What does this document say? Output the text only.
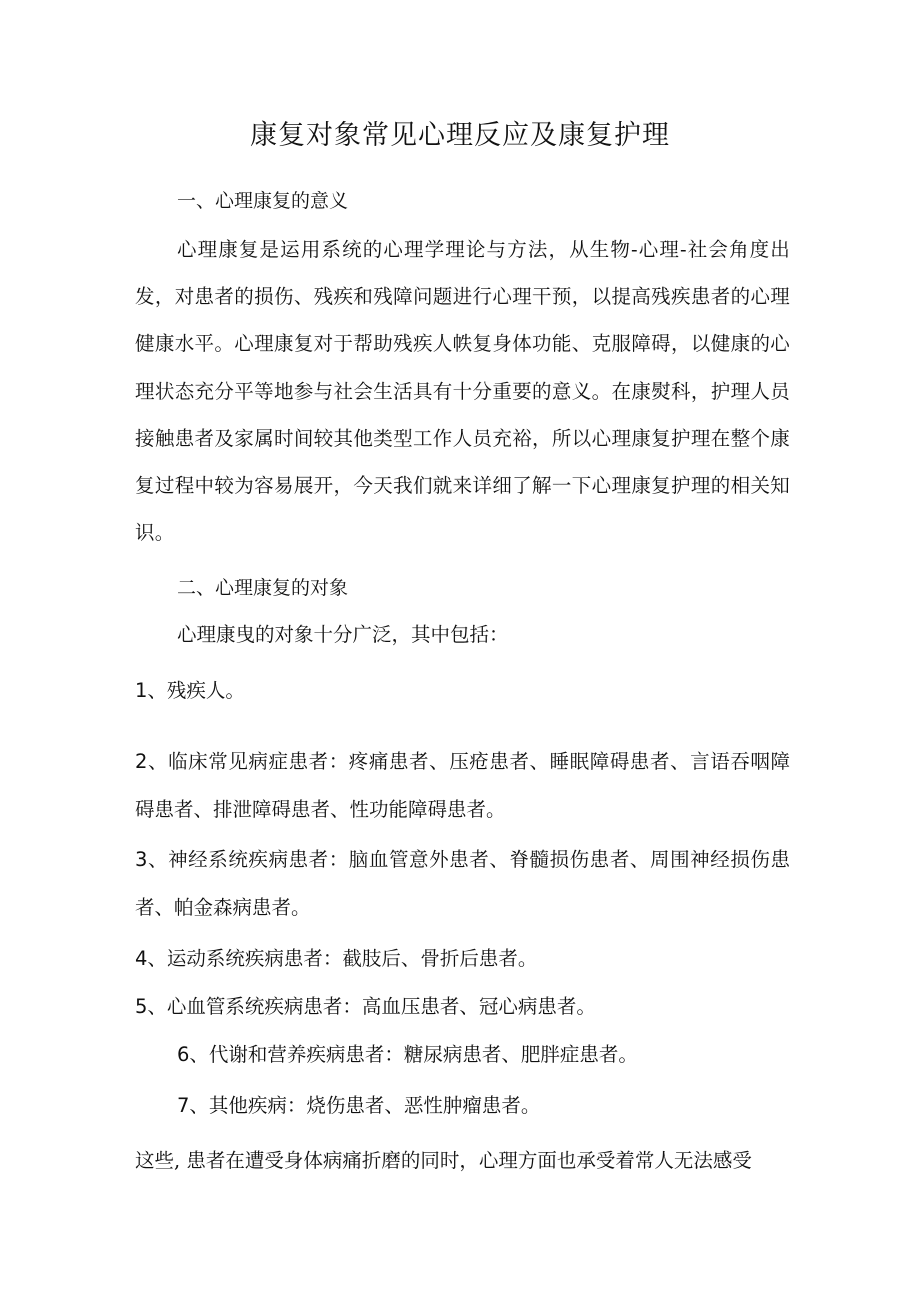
康复对象常见心理反应及康复护理
一、心理康复的意义

心理康复是运用系统的心理学理论与方法，从生物-心理-社会角度出发，对患者的损伤、残疾和残障问题进行心理干预，以提高残疾患者的心理健康水平。心理康复对于帮助残疾人帙复身体功能、克服障碍，以健康的心理状态充分平等地参与社会生活具有十分重要的意义。在康熨科，护理人员接触患者及家属时间较其他类型工作人员充裕，所以心理康复护理在整个康复过程中较为容易展开，今天我们就来详细了解一下心理康复护理的相关知识。

二、心理康复的对象

心理康曳的对象十分广泛，其中包括：

1、残疾人。

2、临床常见病症患者：疼痛患者、压疮患者、睡眠障碍患者、言语吞咽障碍患者、排泄障碍患者、性功能障碍患者。

3、神经系统疾病患者：脑血管意外患者、脊髓损伤患者、周围神经损伤患者、帕金森病患者。

4、运动系统疾病患者：截肢后、骨折后患者。

5、心血管系统疾病患者：高血压患者、冠心病患者。

6、代谢和营养疾病患者：糖尿病患者、肥胖症患者。

7、其他疾病：烧伤患者、恶性肿瘤患者。

这些, 患者在遭受身体病痛折磨的同时，心理方面也承受着常人无法感受
